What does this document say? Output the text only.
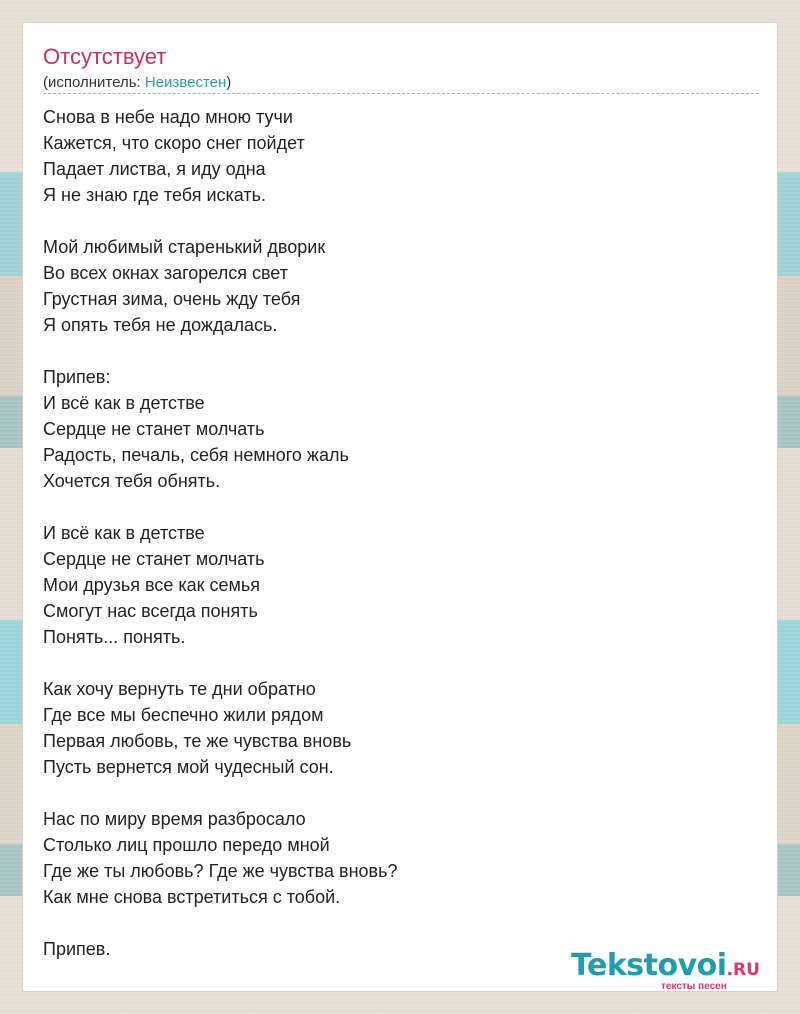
Отсутствует
(исполнитель: Неизвестен)
Снова в небе надо мною тучи
Кажется, что скоро снег пойдет
Падает листва, я иду одна
Я не знаю где тебя искать.
Мой любимый старенький дворик
Во всех окнах загорелся свет
Грустная зима, очень жду тебя
Я опять тебя не дождалась.
Припев:
И всё как в детстве
Сердце не станет молчать
Радость, печаль, себя немного жаль
Хочется тебя обнять.
И всё как в детстве
Сердце не станет молчать
Мои друзья все как семья
Смогут нас всегда понять
Понять... понять.
Как хочу вернуть те дни обратно
Где все мы беспечно жили рядом
Первая любовь, те же чувства вновь
Пусть вернется мой чудесный сон.
Нас по миру время разбросало
Столько лиц прошло передо мной
Где же ты любовь? Где же чувства вновь?
Как мне снова встретиться с тобой.
Припев.	Tekstovoi.RU
тексты песен
